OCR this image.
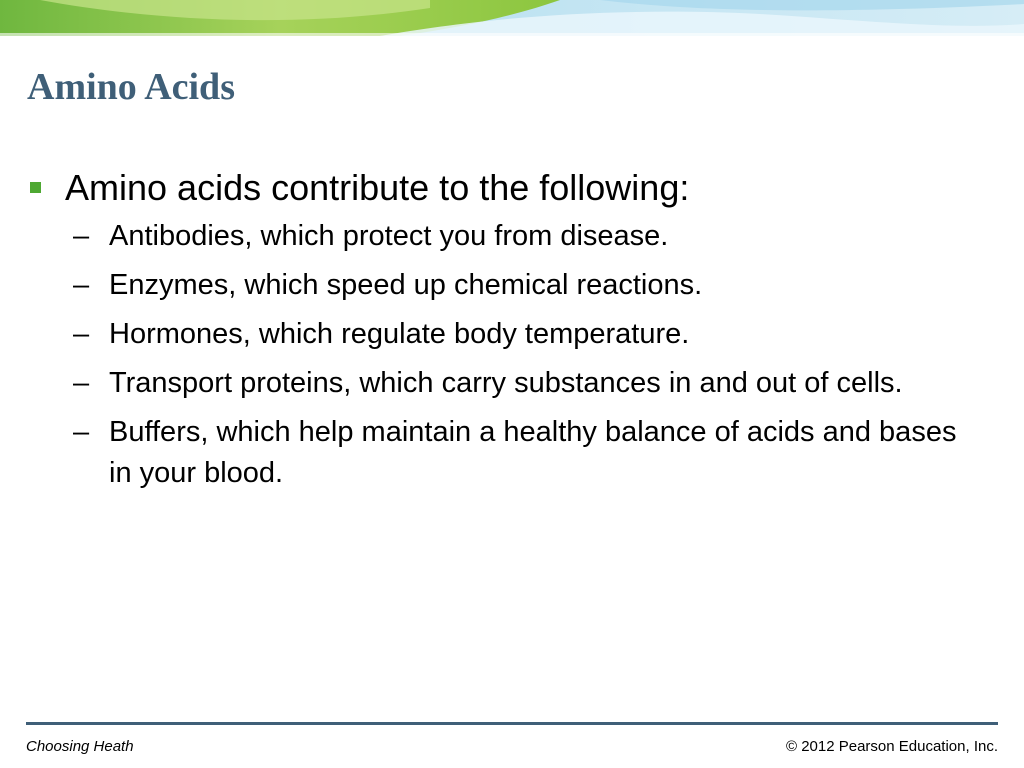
Amino Acids
Amino acids contribute to the following:
– Antibodies, which protect you from disease.
– Enzymes, which speed up chemical reactions.
– Hormones, which regulate body temperature.
– Transport proteins, which carry substances in and out of cells.
– Buffers, which help maintain a healthy balance of acids and bases in your blood.
Choosing Heath	© 2012 Pearson Education, Inc.
